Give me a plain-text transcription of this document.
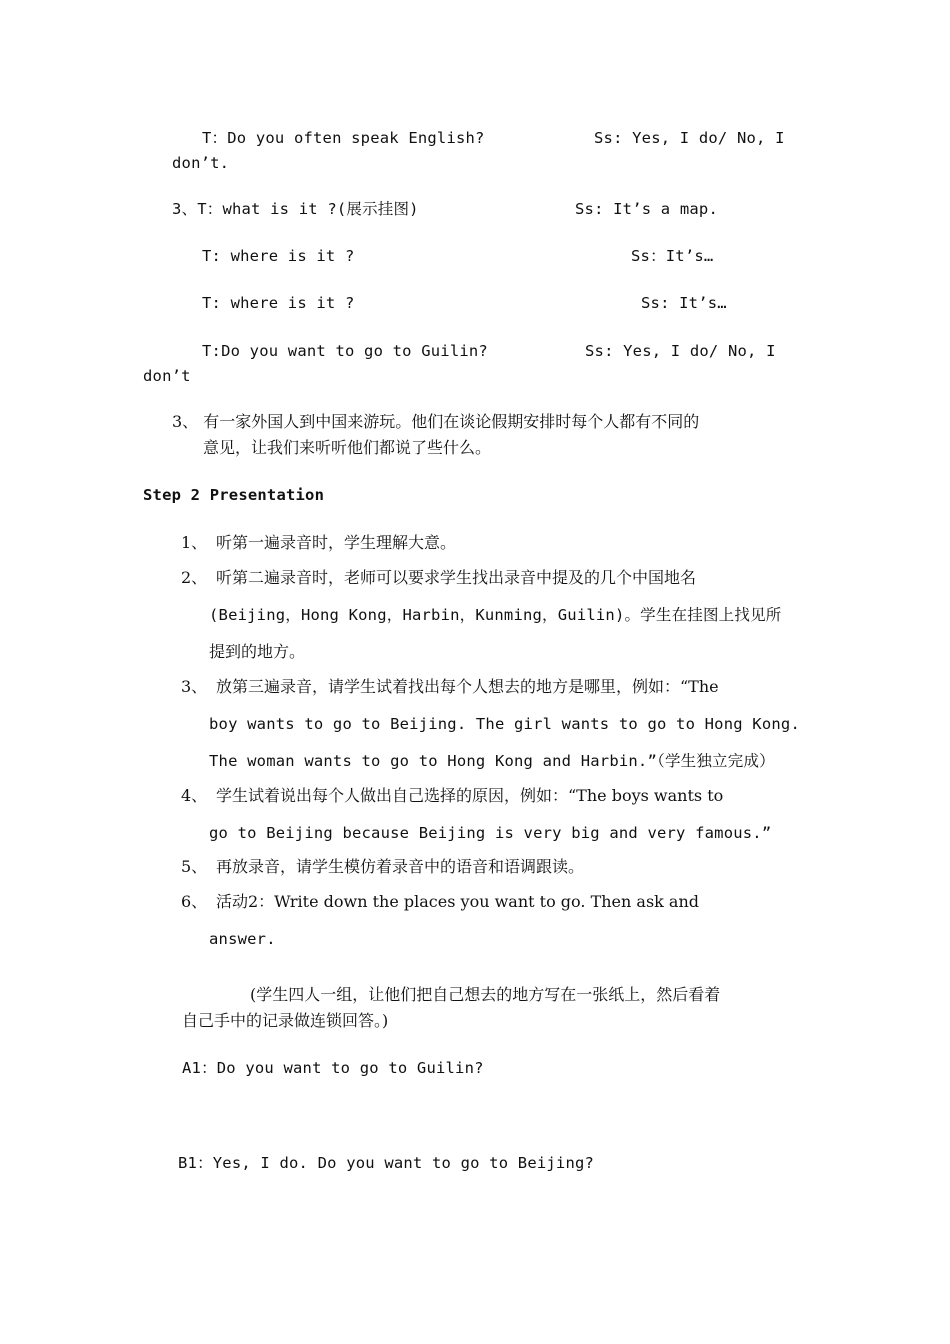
T：Do you often speak English?	Ss: Yes, I do/ No, I
don’t.
3、T：what is it ?(展示挂图)	Ss: It’s a map.
T: where is it ?	Ss：It’s…
T: where is it ?	Ss: It’s…
T:Do you want to go to Guilin?	Ss: Yes, I do/ No, I
don’t
3、 有一家外国人到中国来游玩。他们在谈论假期安排时每个人都有不同的
意见，让我们来听听他们都说了些什么。
Step 2 Presentation
1、 听第一遍录音时，学生理解大意。
2、 听第二遍录音时，老师可以要求学生找出录音中提及的几个中国地名
(Beijing，Hong Kong，Harbin，Kunming，Guilin)。学生在挂图上找见所
提到的地方。
3、 放第三遍录音，请学生试着找出每个人想去的地方是哪里，例如：“The
boy wants to go to Beijing. The girl wants to go to Hong Kong.
The woman wants to go to Hong Kong and Harbin.”（学生独立完成）
4、 学生试着说出每个人做出自己选择的原因，例如：“The boys wants to
go to Beijing because Beijing is very big and very famous.”
5、 再放录音，请学生模仿着录音中的语音和语调跟读。
6、 活动2：Write down the places you want to go. Then ask and
answer.
(学生四人一组，让他们把自己想去的地方写在一张纸上，然后看着
自己手中的记录做连锁回答。)
A1：Do you want to go to Guilin?
B1：Yes, I do. Do you want to go to Beijing?
